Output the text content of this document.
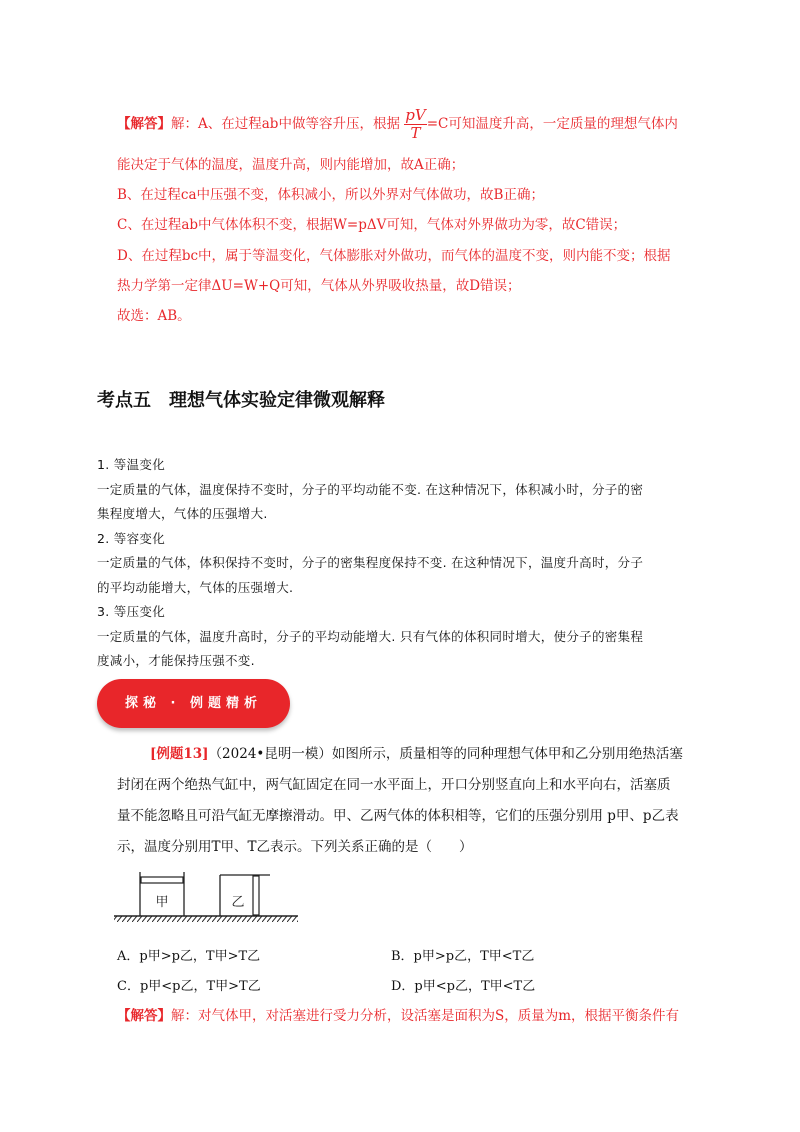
【解答】解：A、在过程ab中做等容升压，根据 $\frac{pV}{T} =C$可知温度升高，一定质量的理想气体内
能决定于气体的温度，温度升高，则内能增加，故A正确；
B、在过程ca中压强不变，体积减小，所以外界对气体做功，故B正确；
C、在过程ab中气体体积不变，根据W=pΔV可知，气体对外界做功为零，故C错误；
D、在过程bc中，属于等温变化，气体膨胀对外做功，而气体的温度不变，则内能不变；根据
热力学第一定律ΔU=W+Q可知，气体从外界吸收热量，故D错误；
故选：AB。
考点五　理想气体实验定律微观解释
1. 等温变化
一定质量的气体，温度保持不变时，分子的平均动能不变. 在这种情况下，体积减小时，分子的密
集程度增大，气体的压强增大.
2. 等容变化
一定质量的气体，体积保持不变时，分子的密集程度保持不变. 在这种情况下，温度升高时，分子
的平均动能增大，气体的压强增大.
3. 等压变化
一定质量的气体，温度升高时，分子的平均动能增大. 只有气体的体积同时增大，使分子的密集程
度减小，才能保持压强不变.
探秘 · 例题精析
[例题13]（2024•昆明一模）如图所示，质量相等的同种理想气体甲和乙分别用绝热活塞
封闭在两个绝热气缸中，两气缸固定在同一水平面上，开口分别竖直向上和水平向右，活塞质
量不能忽略且可沿气缸无摩擦滑动。甲、乙两气体的体积相等，它们的压强分别用 p甲、p乙表
示，温度分别用T甲、T乙表示。下列关系正确的是（　　）
甲	乙
A．p甲>p乙，T甲>T乙	B．p甲>p乙，T甲<T乙
C．p甲<p乙，T甲>T乙	D．p甲<p乙，T甲<T乙
【解答】解：对气体甲，对活塞进行受力分析，设活塞是面积为S，质量为m，根据平衡条件有
